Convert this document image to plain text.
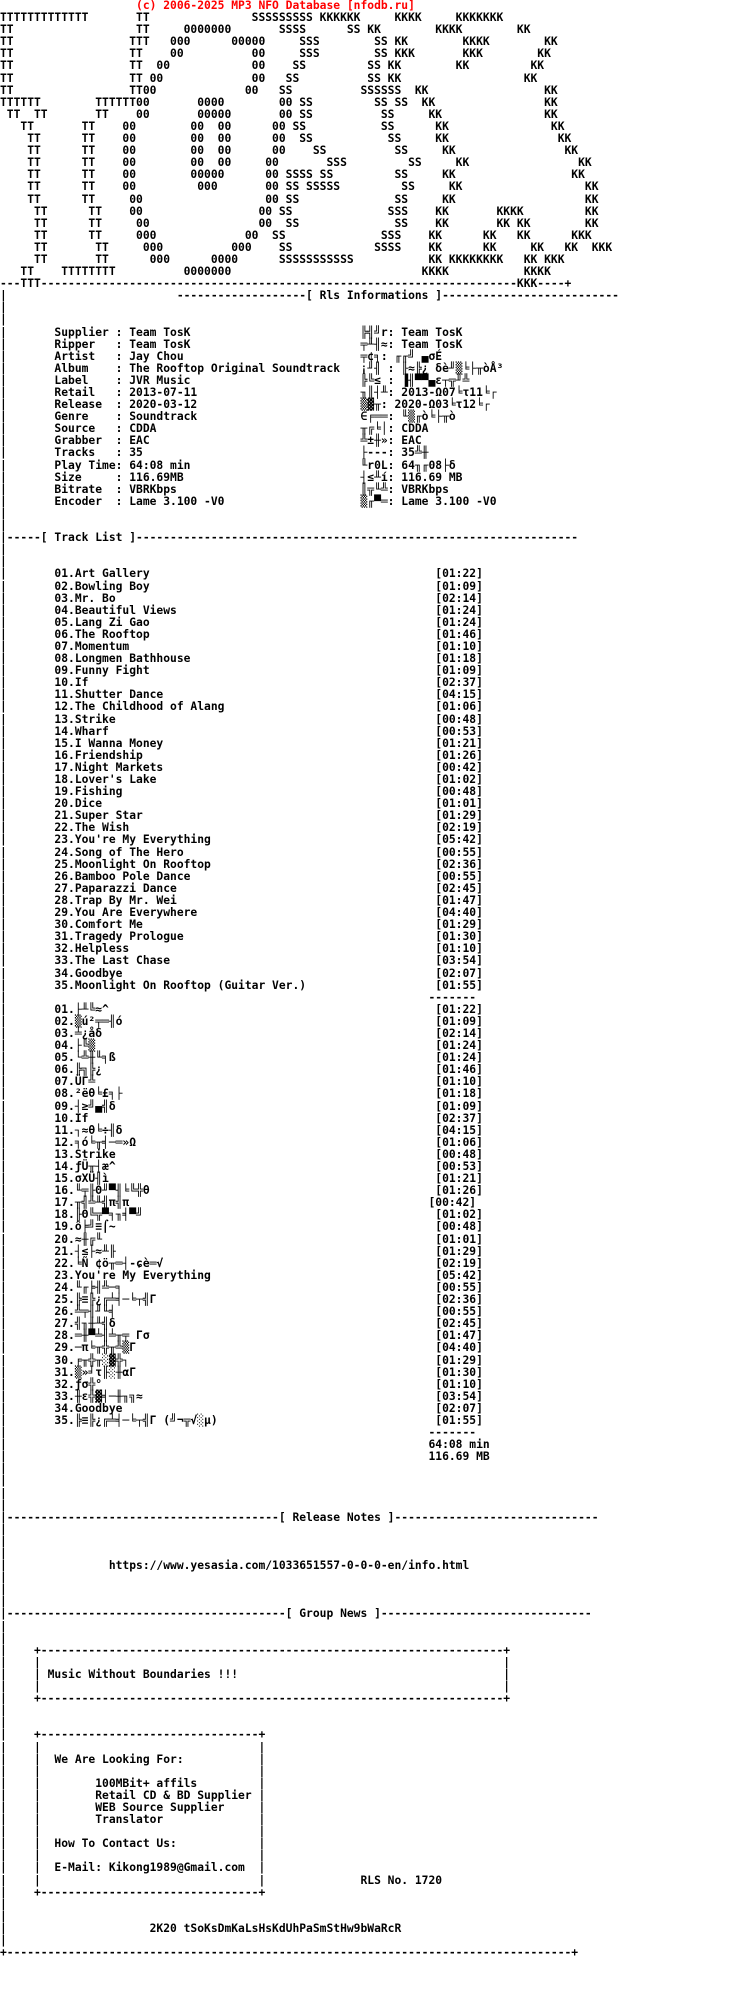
(c) 2006-2025 MP3 NFO Database [nfodb.ru]
TTTTTTTTTTTTT       TT               SSSSSSSSS KKKKKK     KKKK     KKKKKKK
TT                  TT     0000000       SSSS      SS KK        KKKK        KK
TT                 TTT   000      00000     SSS        SS KK        KKKK        KK
TT                 TT    00          00     SSS        SS KKK       KKK        KK
TT                 TT  00            00    SS         SS KK        KK         KK
TT                 TT 00             00   SS          SS KK                  KK
TT                 TT00             00   SS          SSSSSS  KK                 KK
TTTTTT        TTTTTT00       0000        00 SS         SS SS  KK                KK
TT  TT       TT    00       00000       00 SS          SS     KK               KK
TT       TT    00        00  00      00 SS           SS      KK               KK
TT      TT    00        00  00      00  SS           SS     KK                KK
TT      TT    00        00  00      00    SS          SS     KK                KK
TT      TT    00        00  00     00       SSS         SS     KK                KK
TT      TT    00        00000      00 SSSS SS         SS     KK                 KK
TT      TT    00         000       00 SS SSSSS         SS     KK                  KK
TT      TT     00                  00 SS              SS     KK                   KK
TT      TT    00                 00 SS              SSS    KK       KKKK         KK
TT      TT     00                00  SS              SS    KK       KK KK        KK
TT      TT     000             00  SS              SSS    KK      KK   KK      KKK
TT       TT     000          000    SS            SSSS    KK      KK     KK   KK  KKK
TT       TT      000      0000      SSSSSSSSSSS           KK KKKKKKKK   KK KKK
TT    TTTTTTTT          0000000                            KKKK           KKKK
---TTT----------------------------------------------------------------------KKK----+
|                         -------------------[ Rls Informations ]--------------------------
|
|
|       Supplier : Team TosK                         ╠╣╝r: Team TosK
|       Ripper   : Team TosK                         ╤╨╢≈: Team TosK
|       Artist   : Jay Chou                          ╤¢╕: ╓╓╝ ▄σÉ
|       Album    : The Rooftop Original Soundtrack   ¡╜╢ : ╟≈╠¿ δè╜▒╘├╥òÅ³
|       Label    : JVR Music                         ╠╚≤ : ▐╢▀▀▄ε┬╦╜╩
|       Retail   : 2013-07-11                        ╖║┤╨: 2013-Ω07╘τ11╘┌
|       Release  : 2020-03-12                        ▒▓╥: 2020-Ω03╘τ12╘┌
|       Genre    : Soundtrack                        ∈╒══: ╙▒╓ò╘├╥ò
|       Source   : CDDA                              ╥╔╘│: CDDA
|       Grabber  : EAC                               ╩±╫»: EAC
|       Tracks   : 35                                ├---: 35╩╫
|       Play Time: 64:08 min                         ╙r0L: 64╖╓08├δ
|       Size     : 116.69MB                          ┤≤╨í: 116.69 MB
|       Bitrate  : VBRKbps                           ║╦╙╩: VBRKbps
|       Encoder  : Lame 3.100 -V0                    ▒╓▀═: Lame 3.100 -V0
|
|
|-----[ Track List ]-----------------------------------------------------------------
|
|
|       01.Art Gallery                                          [01:22]
|       02.Bowling Boy                                          [01:09]
|       03.Mr. Bo                                               [02:14]
|       04.Beautiful Views                                      [01:24]
|       05.Lang Zi Gao                                          [01:24]
|       06.The Rooftop                                          [01:46]
|       07.Momentum                                             [01:10]
|       08.Longmen Bathhouse                                    [01:18]
|       09.Funny Fight                                          [01:09]
|       10.If                                                   [02:37]
|       11.Shutter Dance                                        [04:15]
|       12.The Childhood of Alang                               [01:06]
|       13.Strike                                               [00:48]
|       14.Wharf                                                [00:53]
|       15.I Wanna Money                                        [01:21]
|       16.Friendship                                           [01:26]
|       17.Night Markets                                        [00:42]
|       18.Lover's Lake                                         [01:02]
|       19.Fishing                                              [00:48]
|       20.Dice                                                 [01:01]
|       21.Super Star                                           [01:29]
|       22.The Wish                                             [02:19]
|       23.You're My Everything                                 [05:42]
|       24.Song of The Hero                                     [00:55]
|       25.Moonlight On Rooftop                                 [02:36]
|       26.Bamboo Pole Dance                                    [00:55]
|       27.Paparazzi Dance                                      [02:45]
|       28.Trap By Mr. Wei                                      [01:47]
|       29.You Are Everywhere                                   [04:40]
|       30.Comfort Me                                           [01:29]
|       31.Tragedy Prologue                                     [01:30]
|       32.Helpless                                             [01:10]
|       33.The Last Chase                                       [03:54]
|       34.Goodbye                                              [02:07]
|       35.Moonlight On Rooftop (Guitar Ver.)                   [01:55]
|                                                              -------
|       01.├╨╚≈^                                                [01:22]
|       02.▒ú²╤═╢ó                                              [01:09]
|       03.╧¿åδ                                                 [02:14]
|       04.├╚▒                                                  [01:24]
|       05.└╩╫╙╕ß                                               [01:24]
|       06.╠╗╠¿                                                 [01:46]
|       07.ÜΓ╩                                                  [01:10]
|       08.²ëθ╘£╕├                                              [01:18]
|       09.┤≥╝▄╣δ                                               [01:09]
|       10.If                                                   [02:37]
|       11.┐≈θ╘÷╢δ                                              [04:15]
|       12.╕ó╘╥╡─═»Ω                                            [01:06]
|       13.Strike                                               [00:48]
|       14.ƒÜ╥┤æ^                                               [00:53]
|       15.σXÜ╢ì                                                [01:21]
|       16.╙╤╟Θ╜▀╢╘╚╬θ                                          [01:26]
|       17.╥╣╩╨╣π╣π                                            [00:42]
|       18.╟Θ╚╦▀╕╖╡▀╝                                           [01:02]
|       19.ô╞╝≡⌠~                                               [00:48]
|       20.≈╫╔╙                                                 [01:01]
|       21.┤≤├≈╨╟                                               [01:29]
|       22.╘Ñ ¢ö╥═┤-ɕè═√                                        [02:19]
|       23.You're My Everything                                 [05:42]
|       24.╙╓╞╢╩─╕                                              [00:55]
|       25.╠≡╠¿╔╧╡─╘┬╣Γ                                         [02:36]
|       26.╩╤╢╜╙╡                                               [00:55]
|       27.╣╖╫╨╣δ                                               [02:45]
|       28.═╫▀╧╢╧╥╤ Γσ                                          [01:47]
|       29.─π╘╥╬╥╩▒Γ                                            [04:40]
|       30.╒╥╬╥░▓╬┐                                             [01:29]
|       31.▒»╛τ╟░╫αΓ                                            [01:30]
|       32.ƒσ╬°                                                 [01:10]
|       33.╫ε╬▓╡─╫╖╗≈                                           [03:54]
|       34.Goodbye                                              [02:07]
|       35.╠≡╠¿╔╧╡─╘┬╣Γ (╝¬╦√░µ)                                [01:55]
|                                                              -------
|                                                              64:08 min
|                                                              116.69 MB
|
|
|
|
|----------------------------------------[ Release Notes ]------------------------------
|
|
|
|               https://www.yesasia.com/1033651557-0-0-0-en/info.html
|
|
|
|-----------------------------------------[ Group News ]-------------------------------
|
|
|    +--------------------------------------------------------------------+
|    |                                                                    |
|    | Music Without Boundaries !!!                                       |
|    |                                                                    |
|    +--------------------------------------------------------------------+
|
|
|    +--------------------------------+
|    |                                |
|    |  We Are Looking For:           |
|    |                                |
|    |        100MBit+ affils         |
|    |        Retail CD & BD Supplier |
|    |        WEB Source Supplier     |
|    |        Translator              |
|    |                                |
|    |  How To Contact Us:            |
|    |                                |
|    |  E-Mail: Kikong1989@Gmail.com  |
|    |                                |              RLS No. 1720
|    +--------------------------------+
|
|
|                     2K20 tSoKsDmKaLsHsKdUhPaSmStHw9bWaRcR
|
+-----------------------------------------------------------------------------------+
